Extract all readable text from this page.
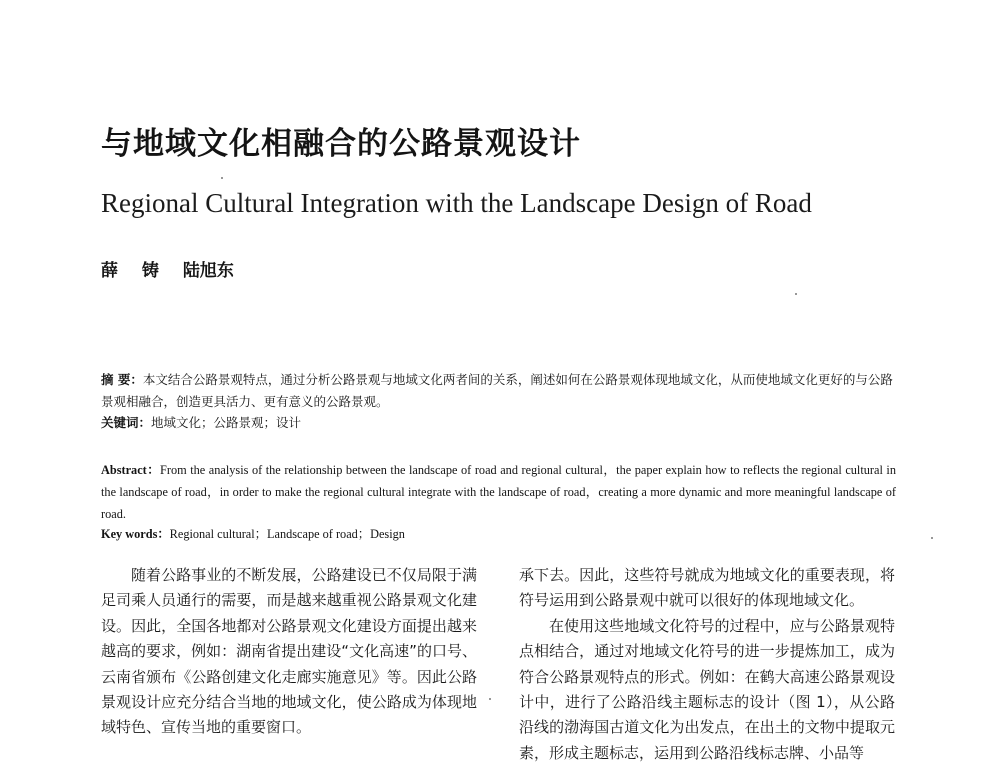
与地域文化相融合的公路景观设计
Regional Cultural Integration with the Landscape Design of Road
薛 铸 陆旭东
摘 要：本文结合公路景观特点，通过分析公路景观与地域文化两者间的关系，阐述如何在公路景观体现地域文化，从而使地域文化更好的与公路景观相融合，创造更具活力、更有意义的公路景观。
关键词：地域文化；公路景观；设计
Abstract：From the analysis of the relationship between the landscape of road and regional cultural，the paper explain how to reflects the regional cultural in the landscape of road，in order to make the regional cultural integrate with the landscape of road，creating a more dynamic and more meaningful landscape of road.
Key words：Regional cultural；Landscape of road；Design

随着公路事业的不断发展，公路建设已不仅局限于满足司乘人员通行的需要，而是越来越重视公路景观文化建设。因此，全国各地都对公路景观文化建设方面提出越来越高的要求，例如：湖南省提出建设“文化高速”的口号、云南省颁布《公路创建文化走廊实施意见》等。因此公路景观设计应充分结合当地的地域文化，使公路成为体现地域特色、宣传当地的重要窗口。

承下去。因此，这些符号就成为地域文化的重要表现，将符号运用到公路景观中就可以很好的体现地域文化。

在使用这些地域文化符号的过程中，应与公路景观特点相结合，通过对地域文化符号的进一步提炼加工，成为符合公路景观特点的形式。例如：在鹤大高速公路景观设计中，进行了公路沿线主题标志的设计（图 1），从公路沿线的渤海国古道文化为出发点，在出土的文物中提取元素，形成主题标志，运用到公路沿线标志牌、小品等
